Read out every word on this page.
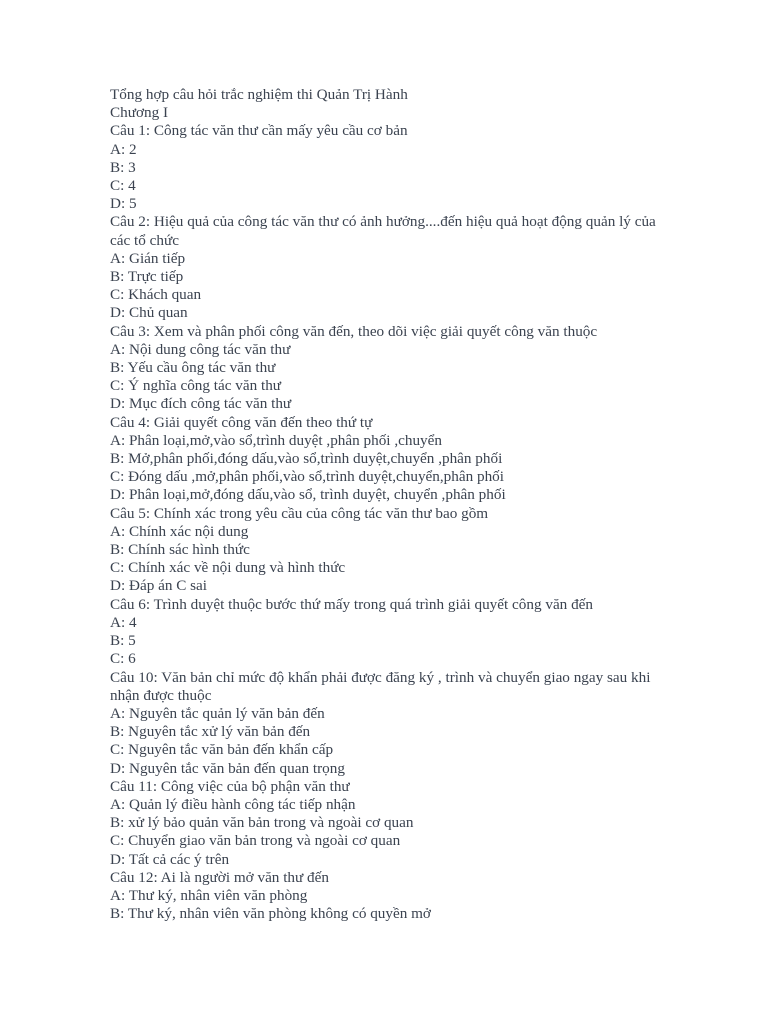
Tổng hợp câu hỏi trắc nghiệm thi Quản Trị Hành
Chương I
Câu 1: Công tác văn thư cần mấy yêu cầu cơ bản
A: 2
B: 3
C: 4
D: 5
Câu 2: Hiệu quả của công tác văn thư có ảnh hưởng....đến hiệu quả hoạt động quản lý của
các tổ chức
A: Gián tiếp
B: Trực tiếp
C: Khách quan
D: Chủ quan
Câu 3: Xem và phân phối công văn đến, theo dõi việc giải quyết công văn thuộc
A: Nội dung công tác văn thư
B: Yếu cầu ông tác văn thư
C: Ý nghĩa công tác văn thư
D: Mục đích công tác văn thư
Câu 4: Giải quyết công văn đến theo thứ tự
A: Phân loại,mở,vào sổ,trình duyệt ,phân phối ,chuyển
B: Mở,phân phối,đóng dấu,vào sổ,trình duyệt,chuyển ,phân phối
C: Đóng dấu ,mở,phân phối,vào sổ,trình duyệt,chuyển,phân phối
D: Phân loại,mở,đóng dấu,vào sổ, trình duyệt, chuyển ,phân phối
Câu 5: Chính xác trong yêu cầu của công tác văn thư bao gồm
A: Chính xác nội dung
B: Chính sác hình thức
C: Chính xác về nội dung và hình thức
D: Đáp án C sai
Câu 6: Trình duyệt thuộc bước thứ mấy trong quá trình giải quyết công văn đến
A: 4
B: 5
C: 6
Câu 10: Văn bản chỉ mức độ khẩn phải được đăng ký , trình và chuyển giao ngay sau khi
nhận được thuộc
A: Nguyên tắc quản lý văn bản đến
B: Nguyên tắc xử lý văn bản đến
C: Nguyên tắc văn bản đến khẩn cấp
D: Nguyên tắc văn bản đến quan trọng
Câu 11: Công việc của bộ phận văn thư
A: Quản lý điều hành công tác tiếp nhận
B: xử lý bảo quản văn bản trong và ngoài cơ quan
C: Chuyển giao văn bản trong và ngoài cơ quan
D: Tất cả các ý trên
Câu 12: Ai là người mở văn thư đến
A: Thư ký, nhân viên văn phòng
B: Thư ký, nhân viên văn phòng không có quyền mở
